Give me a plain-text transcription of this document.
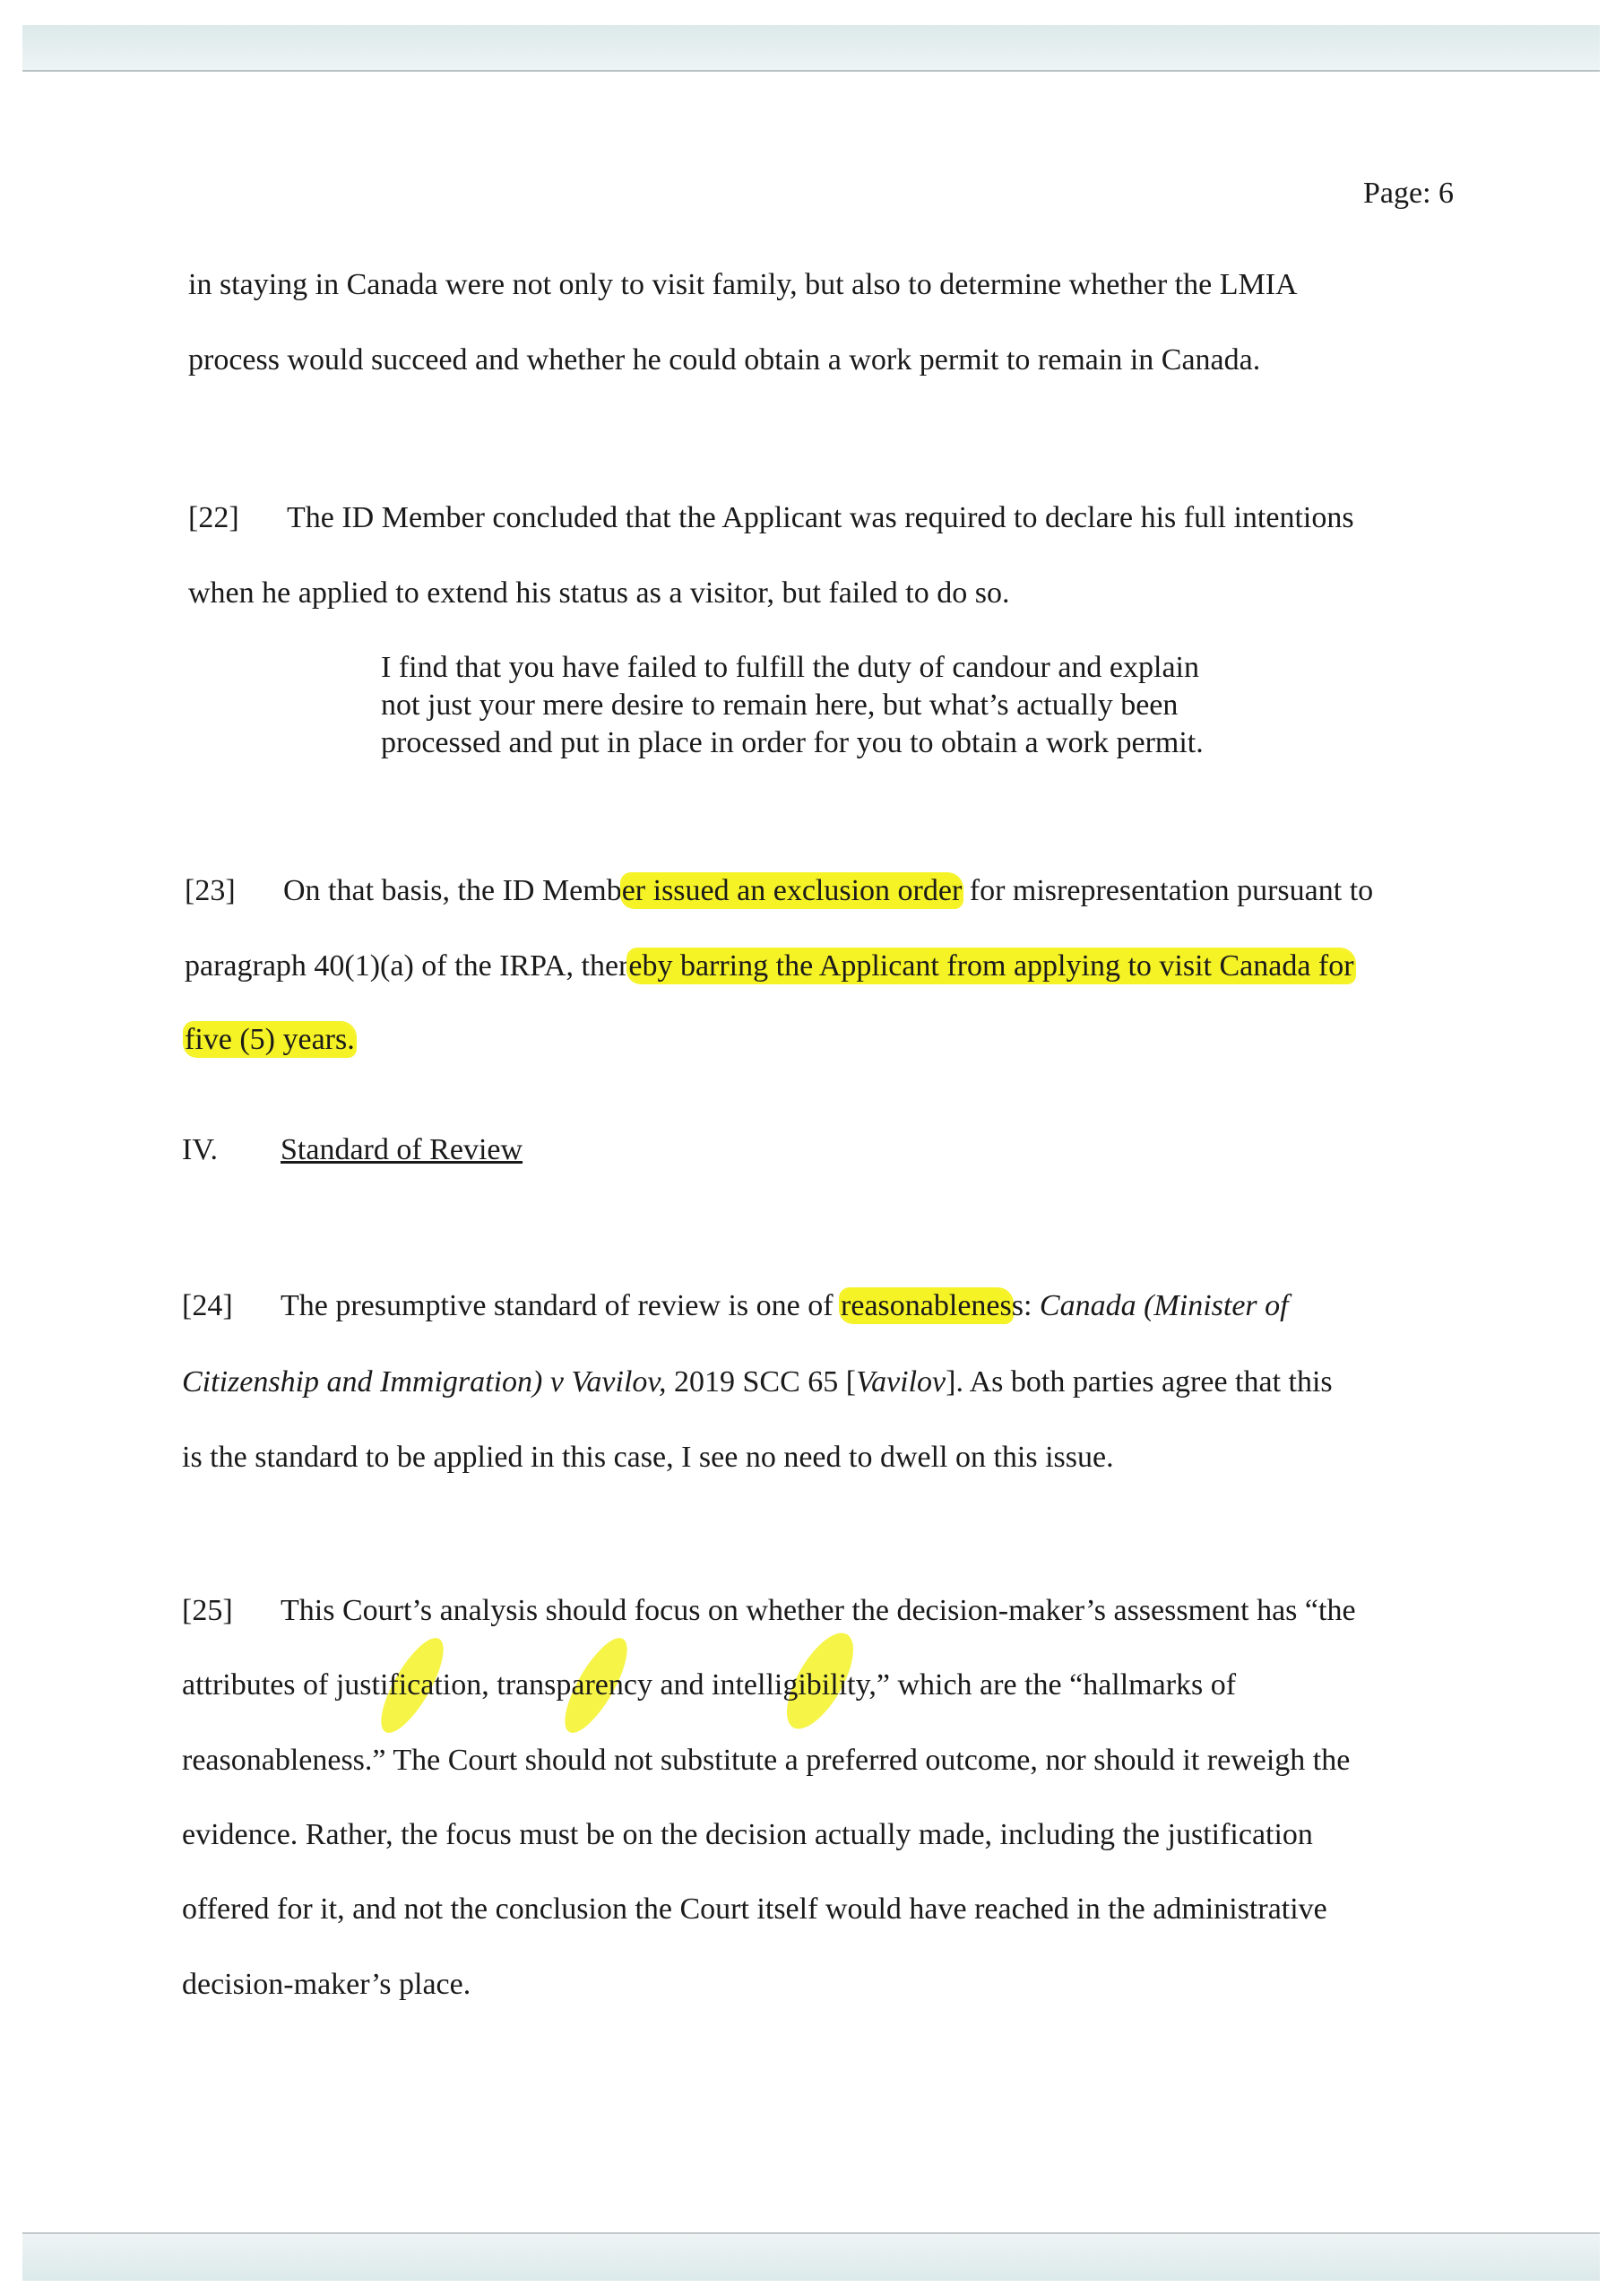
Page: 6
in staying in Canada were not only to visit family, but also to determine whether the LMIA
process would succeed and whether he could obtain a work permit to remain in Canada.
[22] The ID Member concluded that the Applicant was required to declare his full intentions
when he applied to extend his status as a visitor, but failed to do so.
I find that you have failed to fulfill the duty of candour and explain
not just your mere desire to remain here, but what’s actually been
processed and put in place in order for you to obtain a work permit.
[23] On that basis, the ID Member issued an exclusion order for misrepresentation pursuant to
paragraph 40(1)(a) of the IRPA, thereby barring the Applicant from applying to visit Canada for
five (5) years.
IV. Standard of Review
[24] The presumptive standard of review is one of reasonableness: Canada (Minister of
Citizenship and Immigration) v Vavilov, 2019 SCC 65 [Vavilov]. As both parties agree that this
is the standard to be applied in this case, I see no need to dwell on this issue.
[25] This Court’s analysis should focus on whether the decision-maker’s assessment has “the
attributes of justification, transparency and intelligibility,” which are the “hallmarks of
reasonableness.” The Court should not substitute a preferred outcome, nor should it reweigh the
evidence. Rather, the focus must be on the decision actually made, including the justification
offered for it, and not the conclusion the Court itself would have reached in the administrative
decision-maker’s place.
